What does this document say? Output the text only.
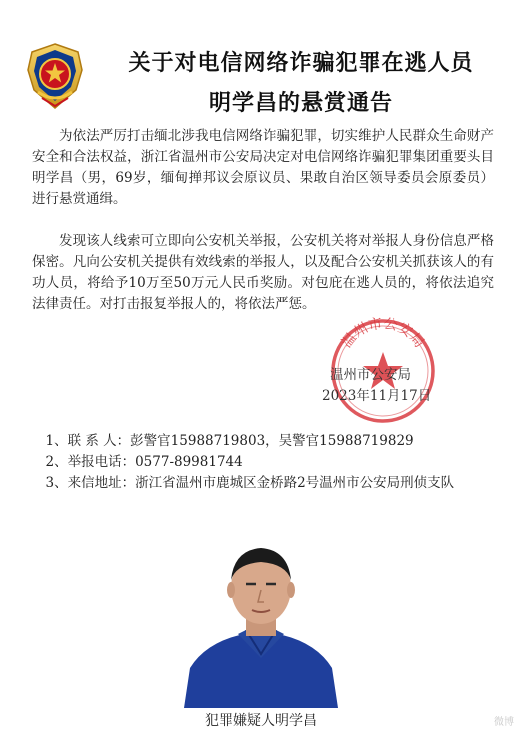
关于对电信网络诈骗犯罪在逃人员
明学昌的悬赏通告
为依法严厉打击缅北涉我电信网络诈骗犯罪，切实维护人民群众生命财产安全和合法权益，浙江省温州市公安局决定对电信网络诈骗犯罪集团重要头目明学昌（男，69岁，缅甸掸邦议会原议员、果敢自治区领导委员会原委员）进行悬赏通缉。
发现该人线索可立即向公安机关举报，公安机关将对举报人身份信息严格保密。凡向公安机关提供有效线索的举报人，以及配合公安机关抓获该人的有功人员，将给予10万至50万元人民币奖励。对包庇在逃人员的，将依法追究法律责任。对打击报复举报人的，将依法严惩。
温州市公安局
温州市公安局
2023年11月17日
1、联 系 人：彭警官15988719803，吴警官15988719829
2、举报电话：0577-89981744
3、来信地址：浙江省温州市鹿城区金桥路2号温州市公安局刑侦支队
犯罪嫌疑人明学昌	微博
